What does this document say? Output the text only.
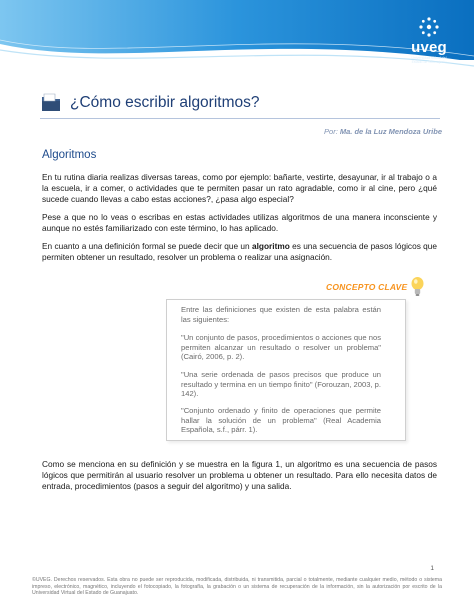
uveg
Universidad Virtual del Estado de Guanajuato
¿Cómo escribir algoritmos?
Por: Ma. de la Luz Mendoza Uribe
Algoritmos

En tu rutina diaria realizas diversas tareas, como por ejemplo: bañarte, vestirte, desayunar, ir al trabajo o a la escuela, ir a comer, o actividades que te permiten pasar un rato agradable, como ir al cine, pero ¿qué sucede cuando llevas a cabo estas acciones?, ¿pasa algo especial?

Pese a que no lo veas o escribas en estas actividades utilizas algoritmos de una manera inconsciente y aunque no estés familiarizado con este término, lo has aplicado.

En cuanto a una definición formal se puede decir que un algoritmo es una secuencia de pasos lógicos que permiten obtener un resultado, resolver un problema o realizar una asignación.

CONCEPTO CLAVE

Entre las definiciones que existen de esta palabra están las siguientes:

"Un conjunto de pasos, procedimientos o acciones que nos permiten alcanzar un resultado o resolver un problema" (Cairó, 2006, p. 2).

"Una serie ordenada de pasos precisos que produce un resultado y termina en un tiempo finito" (Forouzan, 2003, p. 142).

"Conjunto ordenado y finito de operaciones que permite hallar la solución de un problema" (Real Academia Española, s.f., párr. 1).

Como se menciona en su definición y se muestra en la figura 1, un algoritmo es una secuencia de pasos lógicos que permitirán al usuario resolver un problema u obtener un resultado. Para ello necesita datos de entrada, procedimientos (pasos a seguir del algoritmo) y una salida.

1

©UVEG. Derechos reservados. Esta obra no puede ser reproducida, modificada, distribuida, ni transmitida, parcial o totalmente, mediante cualquier medio, método o sistema impreso, electrónico, magnético, incluyendo el fotocopiado, la fotografía, la grabación o un sistema de recuperación de la información, sin la autorización por escrito de la Universidad Virtual del Estado de Guanajuato.
